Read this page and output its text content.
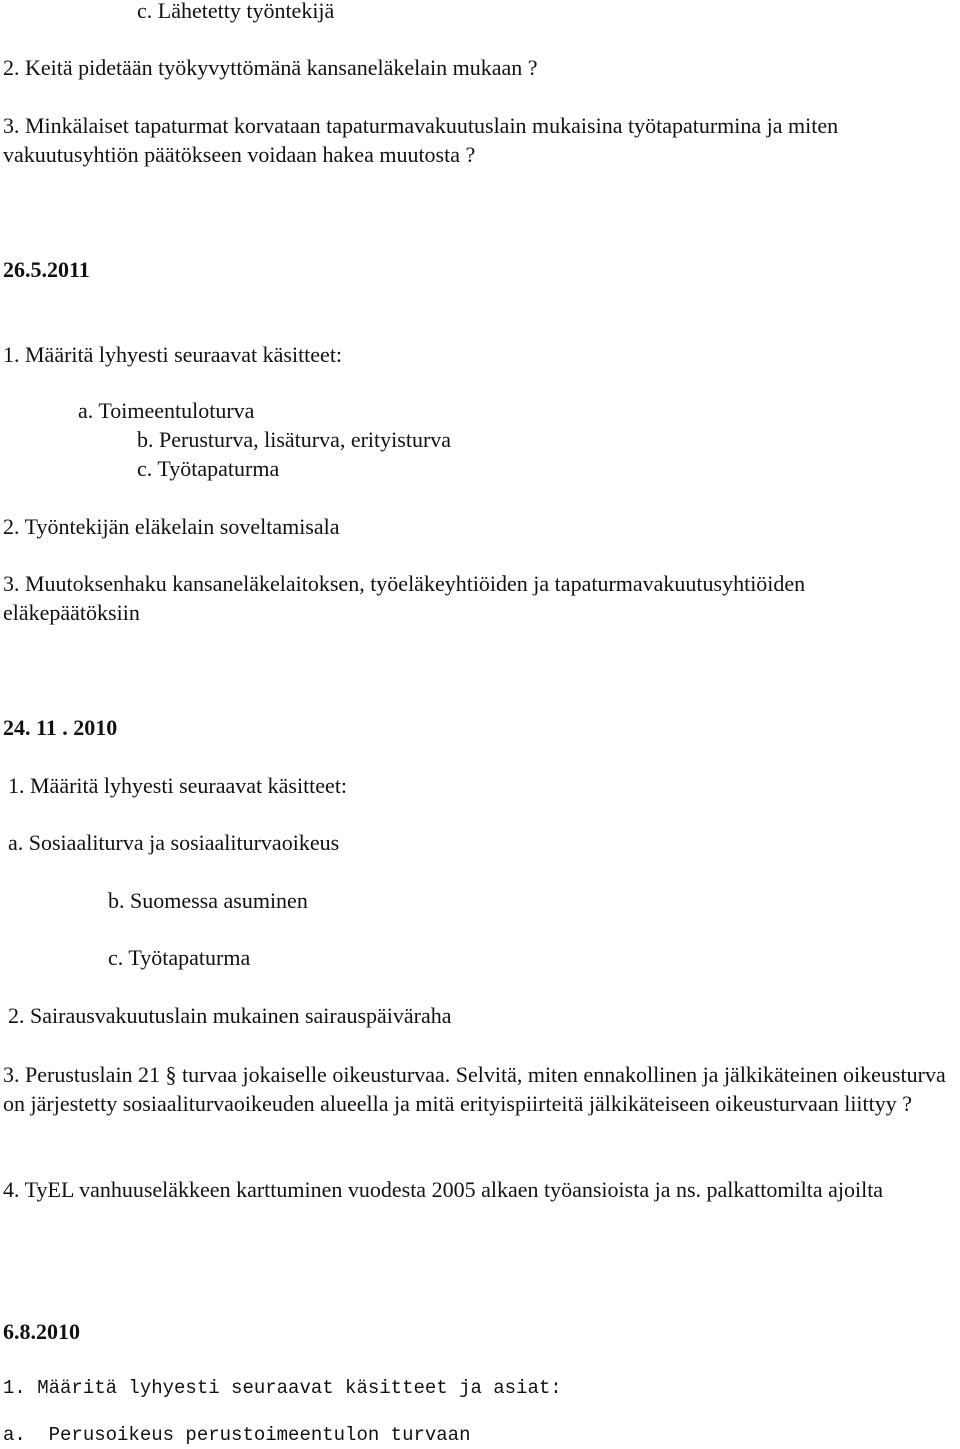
c. Lähetetty työntekijä
2. Keitä pidetään työkyvyttömänä kansaneläkelain mukaan ?
3. Minkälaiset tapaturmat korvataan tapaturmavakuutuslain mukaisina työtapaturmina ja miten
vakuutusyhtiön päätökseen voidaan hakea muutosta ?
26.5.2011
1. Määritä lyhyesti seuraavat käsitteet:
a. Toimeentuloturva
b. Perusturva, lisäturva, erityisturva
c. Työtapaturma
2. Työntekijän eläkelain soveltamisala
3. Muutoksenhaku kansaneläkelaitoksen, työeläkeyhtiöiden ja tapaturmavakuutusyhtiöiden
eläkepäätöksiin
24. 11 . 2010
1. Määritä lyhyesti seuraavat käsitteet:
a. Sosiaaliturva ja sosiaaliturvaoikeus
b. Suomessa asuminen
c. Työtapaturma
2. Sairausvakuutuslain mukainen sairauspäiväraha
3. Perustuslain 21 § turvaa jokaiselle oikeusturvaa. Selvitä, miten ennakollinen ja jälkikäteinen oikeusturva on järjestetty sosiaaliturvaoikeuden alueella ja mitä erityispiirteitä jälkikäteiseen oikeusturvaan liittyy ?
4. TyEL vanhuuseläkkeen karttuminen vuodesta 2005 alkaen työansioista ja ns. palkattomilta ajoilta
6.8.2010
1. Määritä lyhyesti seuraavat käsitteet ja asiat:
a.  Perusoikeus perustoimeentulon turvaan
